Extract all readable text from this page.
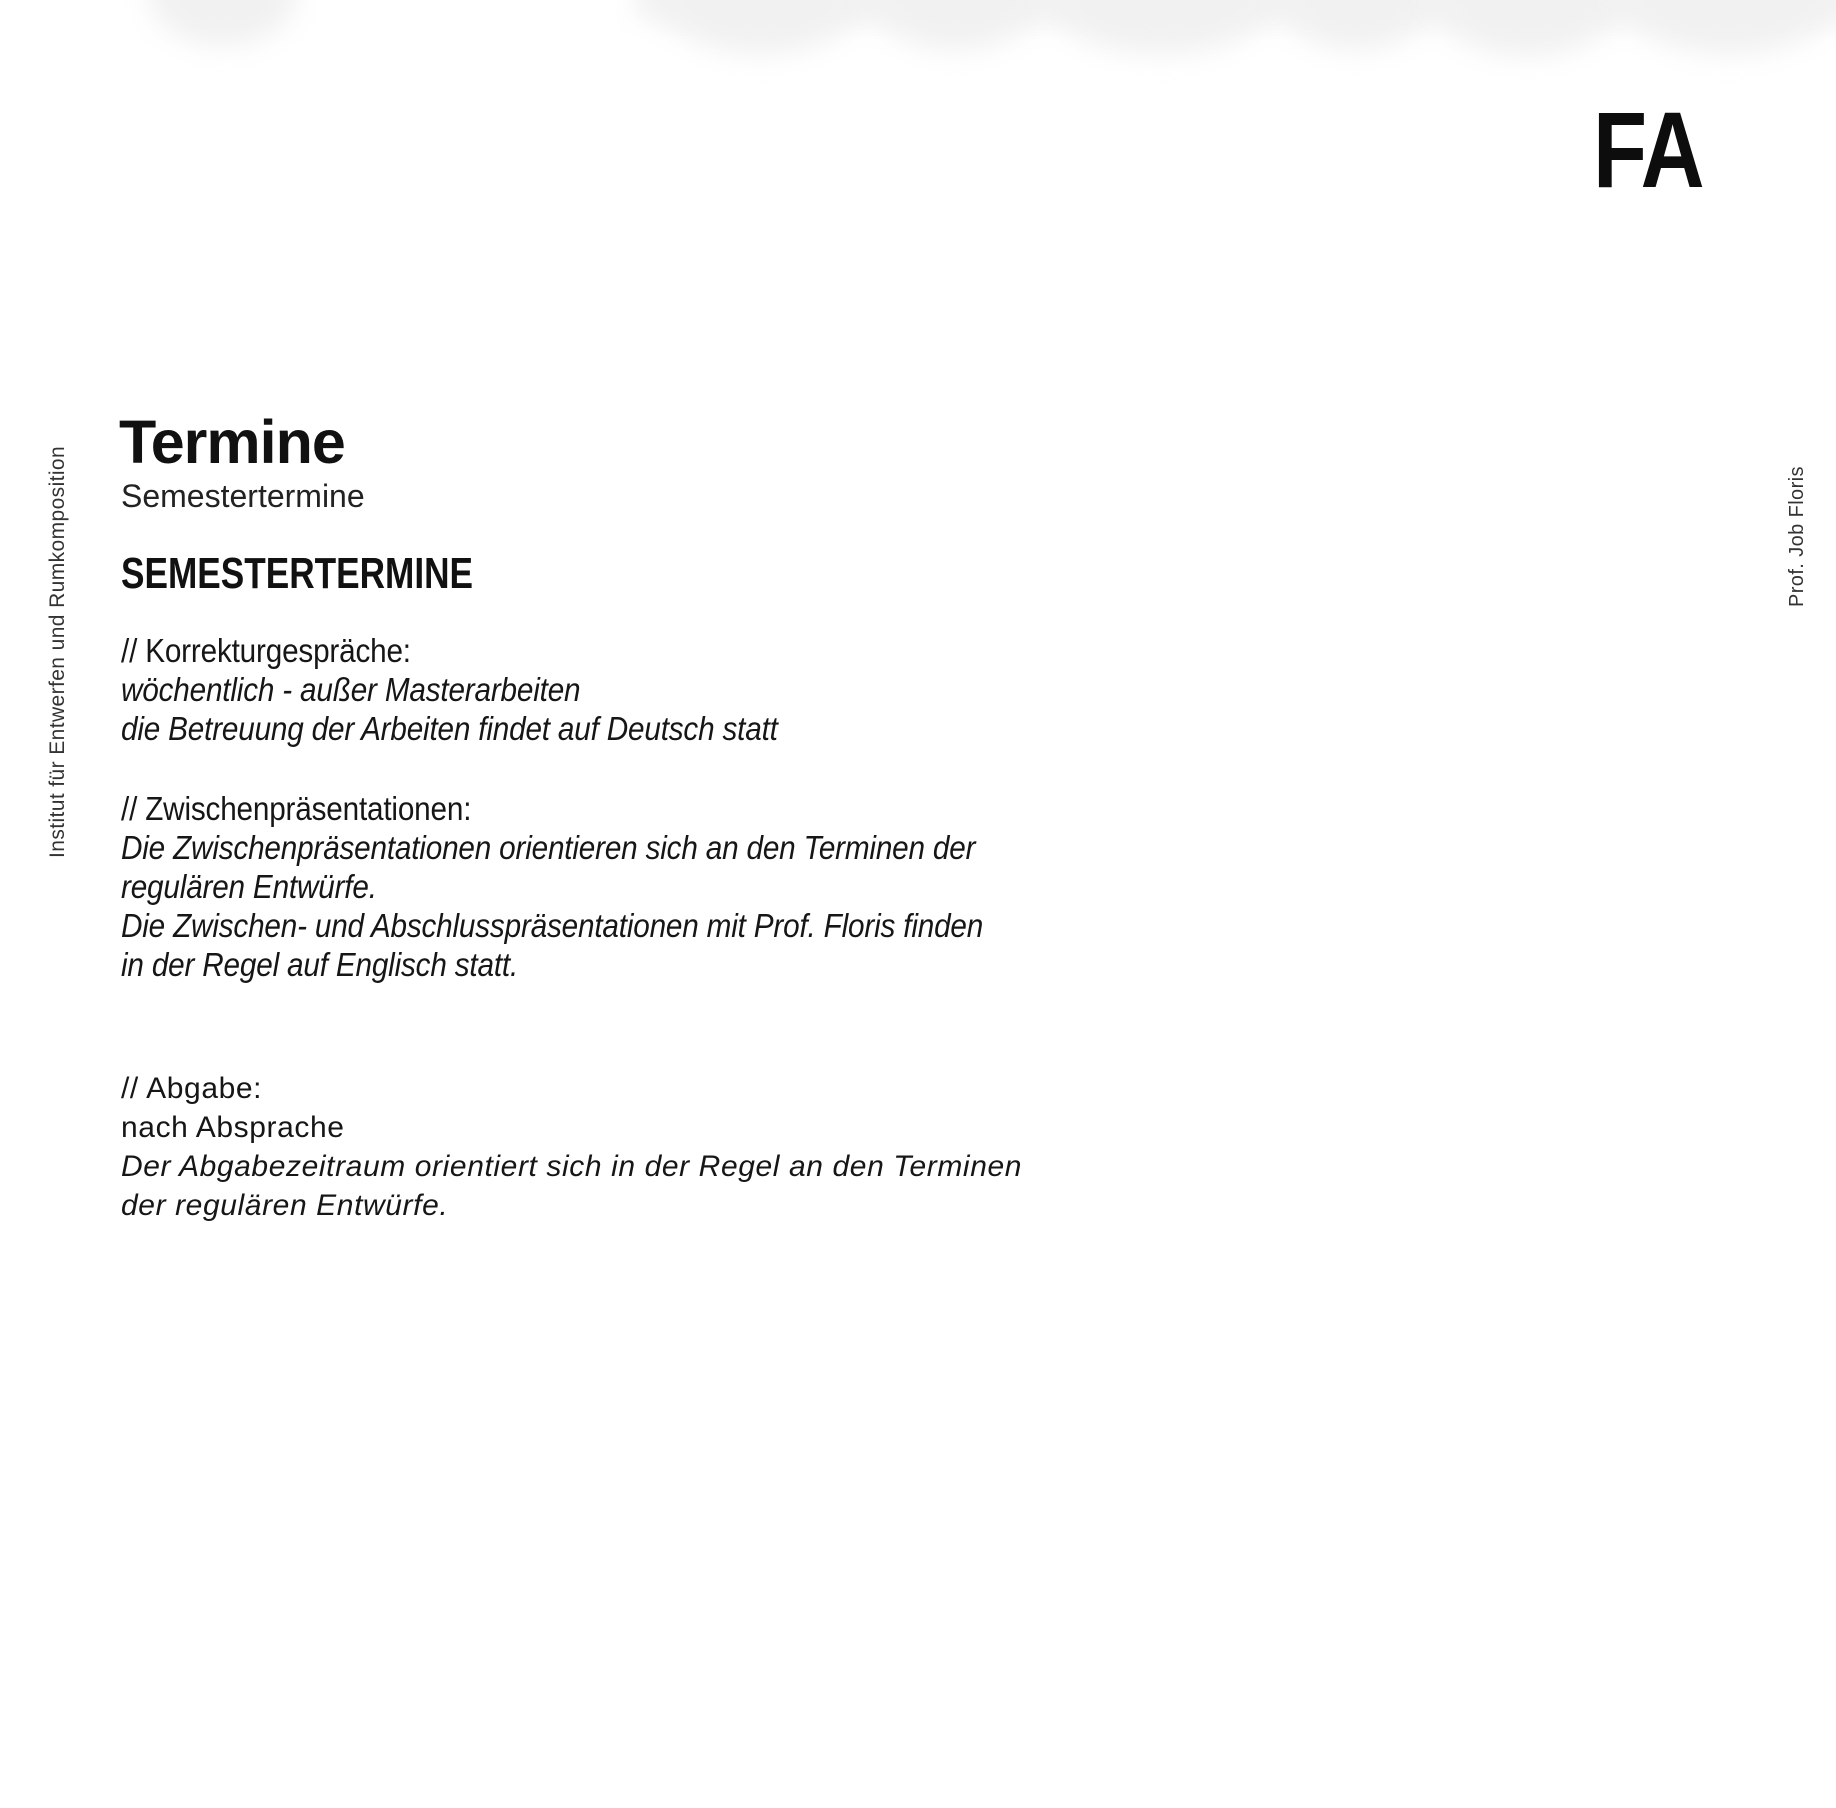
FA
Institut für Entwerfen und Rumkomposition	Prof. Job Floris
Termine
Semestertermine
SEMESTERTERMINE

// Korrekturgespräche:

wöchentlich - außer Masterarbeiten

die Betreuung der Arbeiten findet auf Deutsch statt

// Zwischenpräsentationen:

Die Zwischenpräsentationen orientieren sich an den Terminen der

regulären Entwürfe.

Die Zwischen- und Abschlusspräsentationen mit Prof. Floris finden

in der Regel auf Englisch statt.

// Abgabe:

nach Absprache

Der Abgabezeitraum orientiert sich in der Regel an den Terminen

der regulären Entwürfe.
